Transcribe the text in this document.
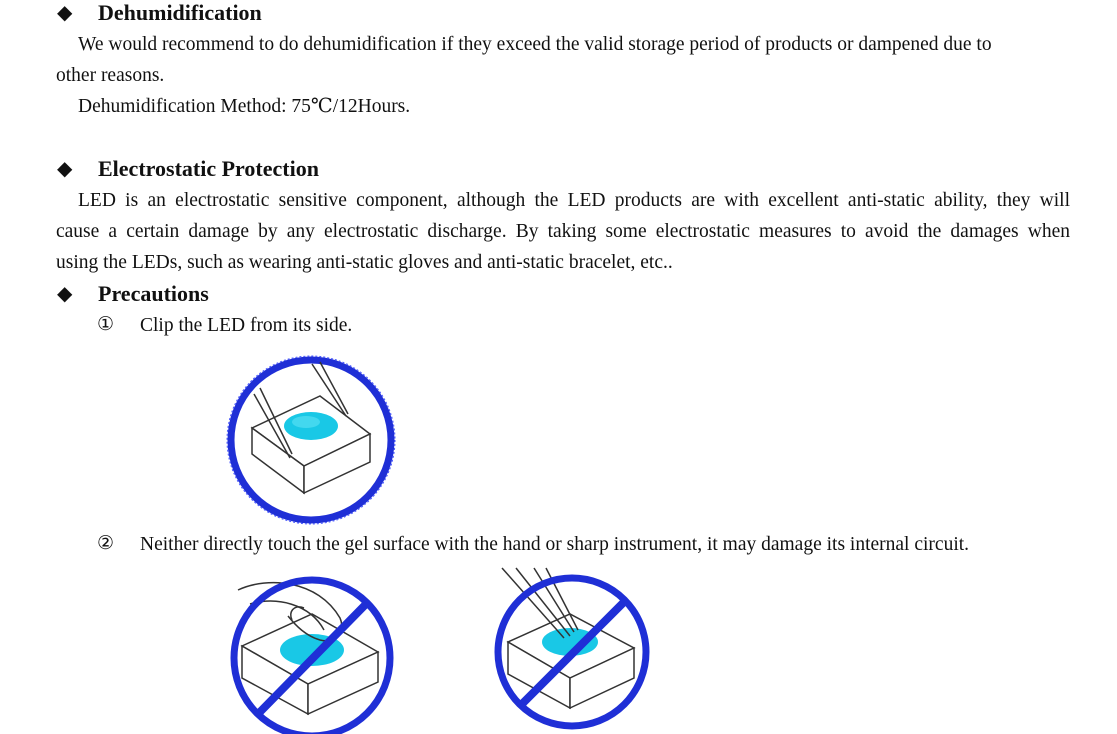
◆ Dehumidification
We would recommend to do dehumidification if they exceed the valid storage period of products or dampened due to
other reasons.
Dehumidification Method: 75℃/12Hours.
◆ Electrostatic Protection
LED is an electrostatic sensitive component, although the LED products are with excellent anti-static ability, they will
cause a certain damage by any electrostatic discharge. By taking some electrostatic measures to avoid the damages when
using the LEDs, such as wearing anti-static gloves and anti-static bracelet, etc..
◆ Precautions
① Clip the LED from its side.
② Neither directly touch the gel surface with the hand or sharp instrument, it may damage its internal circuit.
